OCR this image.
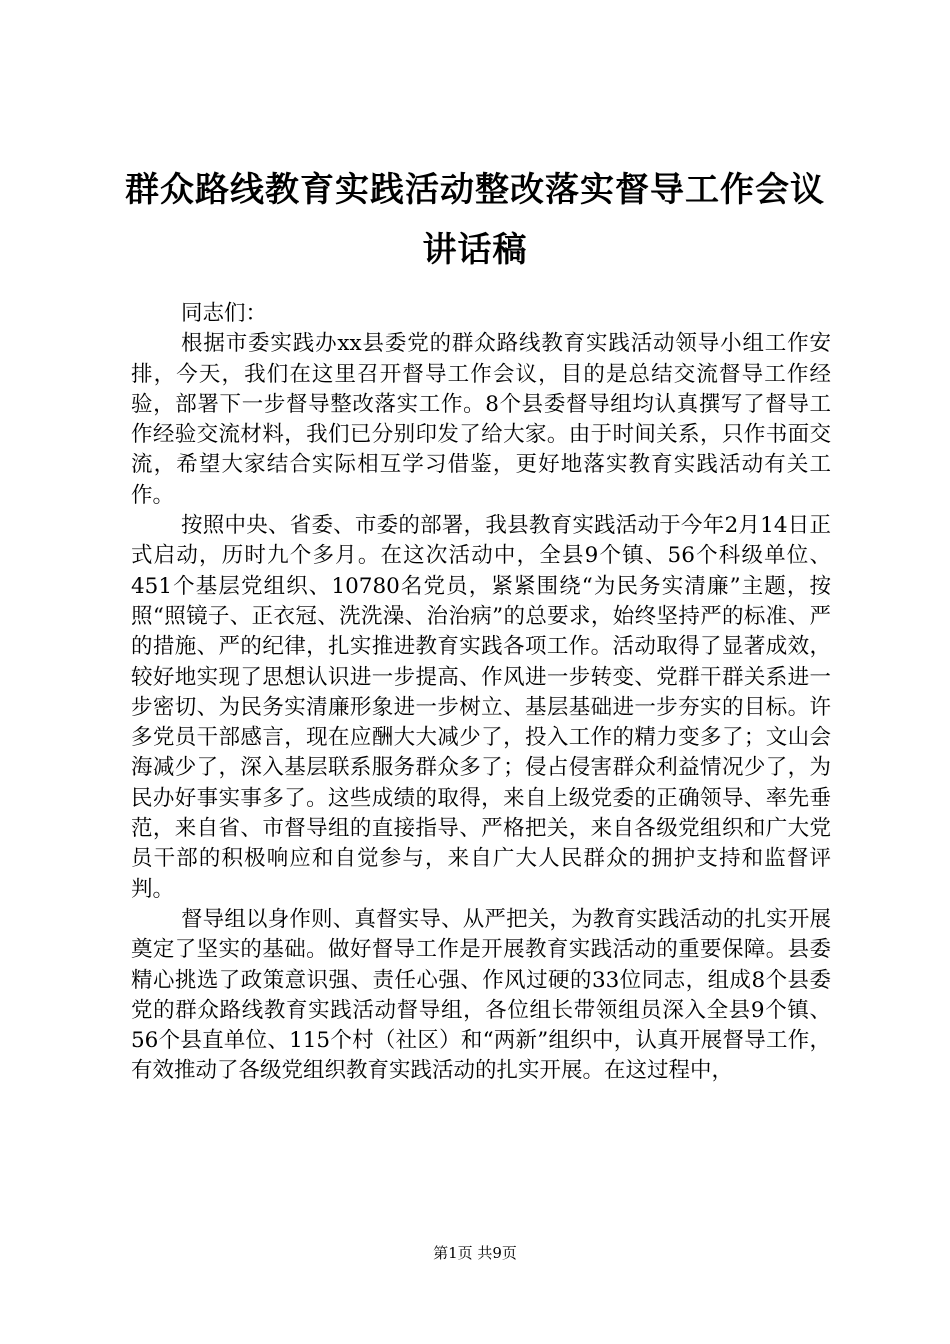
群众路线教育实践活动整改落实督导工作会议
讲话稿

同志们：

根据市委实践办xx县委党的群众路线教育实践活动领导小组工作安排，今天，我们在这里召开督导工作会议，目的是总结交流督导工作经验，部署下一步督导整改落实工作。8个县委督导组均认真撰写了督导工作经验交流材料，我们已分别印发了给大家。由于时间关系，只作书面交流，希望大家结合实际相互学习借鉴，更好地落实教育实践活动有关工作。

按照中央、省委、市委的部署，我县教育实践活动于今年2月14日正式启动，历时九个多月。在这次活动中，全县9个镇、56个科级单位、451个基层党组织、10780名党员，紧紧围绕“为民务实清廉”主题，按照“照镜子、正衣冠、洗洗澡、治治病”的总要求，始终坚持严的标准、严的措施、严的纪律，扎实推进教育实践各项工作。活动取得了显著成效，较好地实现了思想认识进一步提高、作风进一步转变、党群干群关系进一步密切、为民务实清廉形象进一步树立、基层基础进一步夯实的目标。许多党员干部感言，现在应酬大大减少了，投入工作的精力变多了；文山会海减少了，深入基层联系服务群众多了；侵占侵害群众利益情况少了，为民办好事实事多了。这些成绩的取得，来自上级党委的正确领导、率先垂范，来自省、市督导组的直接指导、严格把关，来自各级党组织和广大党员干部的积极响应和自觉参与，来自广大人民群众的拥护支持和监督评判。

督导组以身作则、真督实导、从严把关，为教育实践活动的扎实开展奠定了坚实的基础。做好督导工作是开展教育实践活动的重要保障。县委精心挑选了政策意识强、责任心强、作风过硬的33位同志，组成8个县委党的群众路线教育实践活动督导组，各位组长带领组员深入全县9个镇、56个县直单位、115个村（社区）和“两新”组织中，认真开展督导工作，有效推动了各级党组织教育实践活动的扎实开展。在这过程中，

第1页 共9页
